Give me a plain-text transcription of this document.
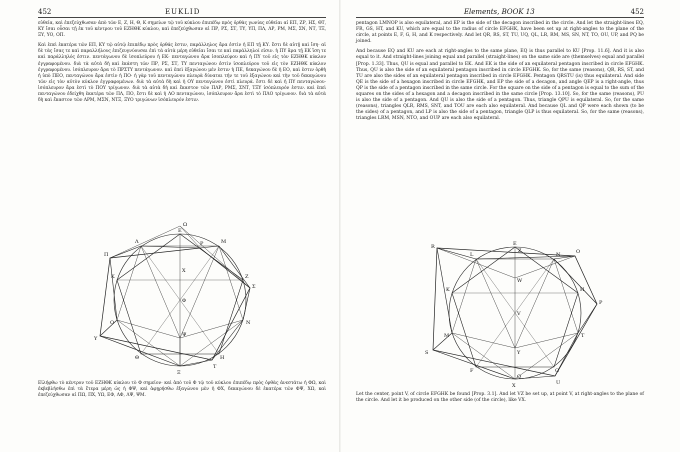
452	EUKLID

εὐθεῖα, καὶ ἐπεζεύχθωσαν ἀπὸ τῶν Ε, Ζ, Η, Θ, Κ σημείων τῷ τοῦ κύκλου ἐπιπέδῳ πρὸς ὀρθὰς γωνίας εὐθεῖαι αἱ ΕΠ, ΖΡ, ΗΣ, ΘΤ, ΚΥ ἴσαι οὖσαι τῇ ἐκ τοῦ κέντρου τοῦ ΕΖΗΘΚ κύκλου, καὶ ἐπεζεύχθωσαν αἱ ΠΡ, ΡΣ, ΣΤ, ΤΥ, ΥΠ, ΠΛ, ΛΡ, ΡΜ, ΜΣ, ΣΝ, ΝΤ, ΤΞ, ΞΥ, ΥΟ, ΟΠ.

Καὶ ἐπεὶ ἑκατέρα τῶν ΕΠ, ΚΥ τῷ αὐτῷ ἐπιπέδῳ πρὸς ὀρθάς ἐστιν, παράλληλος ἄρα ἐστὶν ἡ ΕΠ τῇ ΚΥ. ἔστι δὲ αὐτῇ καὶ ἴση· αἱ δὲ τὰς ἴσας τε καὶ παραλλήλους ἐπιζευγνύουσαι ἐπὶ τὰ αὐτὰ μέρη εὐθεῖαι ἴσαι τε καὶ παράλληλοί εἰσιν. ἡ ΠΥ ἄρα τῇ ΕΚ ἴση τε καὶ παράλληλός ἐστιν. πεντάγωνου δὲ ἰσοπλεύρου ἡ ΕΚ· πενταγώνου ἄρα ἰσοπλεύρου καὶ ἡ ΠΥ τοῦ εἰς τὸν ΕΖΗΘΚ κύκλον ἐγγραφομένου. διὰ τὰ αὐτὰ δὴ καὶ ἑκάστη τῶν ΠΡ, ΡΣ, ΣΤ, ΤΥ πενταγώνου ἐστὶν ἰσοπλεύρου τοῦ εἰς τὸν ΕΖΗΘΚ κύκλον ἐγγραφομένου. ἰσόπλευρον ἄρα τὸ ΠΡΣΤΥ πεντάγωνον. καὶ ἐπεὶ ἑξαγώνου μέν ἐστιν ἡ ΠΕ, δεκαγώνου δὲ ἡ ΕΟ, καὶ ἐστιν ὀρθὴ ἡ ὑπὸ ΠΕΟ, πενταγώνου ἄρα ἐστὶν ἡ ΠΟ· ἡ γὰρ τοῦ πενταγώνου πλευρὰ δύναται τήν τε τοῦ ἑξαγώνου καὶ τὴν τοῦ δεκαγώνου τῶν εἰς τὸν αὐτὸν κύκλον ἐγγραφομένων. διὰ τὰ αὐτὰ δὴ καὶ ἡ ΟΥ πενταγώνου ἐστὶ πλευρά. ἔστι δὲ καὶ ἡ ΠΥ πενταγώνου· ἰσόπλευρον ἄρα ἐστὶ τὸ ΠΟΥ τρίγωνον. διὰ τὰ αὐτὰ δὴ καὶ ἕκαστον τῶν ΠΛΡ, ΡΜΣ, ΣΝΤ, ΤΞΥ ἰσόπλευρόν ἐστιν. καὶ ἐπεὶ πενταγώνου ἐδείχθη ἑκατέρα τῶν ΠΛ, ΠΟ, ἔστι δὲ καὶ ἡ ΛΟ πενταγώνου, ἰσόπλευρον ἄρα ἐστὶ τὸ ΠΛΟ τρίγωνον. διὰ τὰ αὐτὰ δὴ καὶ ἕκαστον τῶν ΛΡΜ, ΜΣΝ, ΝΤΞ, ΞΥΟ τριγώνων ἰσόπλευρόν ἐστιν.

Elements, BOOK 13	452

pentagon LMNOP is also equilateral, and EP is the side of the decagon inscribed in the circle. And let the straight-lines EQ, FR, GS, HT, and KU, which are equal to the radius of circle EFGHK, have been set up at right-angles to the plane of the circle, at points E, F, G, H, and K respectively. And let QR, RS, ST, TU, UQ, QL, LR, RM, MS, SN, NT, TO, OU, UP, and PQ be joined.

And because EQ and KU are each at right-angles to the same plane, EQ is thus parallel to KU [Prop. 11.6]. And it is also equal to it. And straight-lines joining equal and parallel (straight-lines) on the same side are (themselves) equal and parallel [Prop. 1.33]. Thus, QU is equal and parallel to EK. And EK is the side of an equilateral pentagon inscribed in circle EFGHK. Thus, QU is also the side of an equilateral pentagon inscribed in circle EFGHK. So, for the same (reasons), QR, RS, ST, and TU are also the sides of an equilateral pentagon inscribed in circle EFGHK. Pentagon QRSTU (is) thus equilateral. And side QE is the side of a hexagon inscribed in circle EFGHK, and EP the side of a decagon, and angle QEP is a right-angle, thus QP is the side of a pentagon inscribed in the same circle. For the square on the side of a pentagon is equal to the sum of the squares on the sides of a hexagon and a decagon inscribed in the same circle [Prop. 13.10]. So, for the same (reasons), PU is also the side of a pentagon. And QU is also the side of a pentagon. Thus, triangle QPU is equilateral. So, for the same (reasons), triangles QLR, RMS, SNT, and TOU are each also equilateral. And because QL and QP were each shown (to be the sides) of a pentagon, and LP is also the side of a pentagon, triangle QLP is thus equilateral. So, for the same (reasons), triangles LRM, MSN, NTO, and OUP are each also equilateral.

Π
Ρ
Σ
Τ
Υ
Λ	Μ
Ν
Ξ
Ο
Ε
Ζ
Η
Θ
Κ
Φ
Χ
Ψ
Ω
R
O
P
U
S
L	N
T
X
M
E
H
G
F
K
V
W
Y
Z
Q

Εἰλήφθω τὸ κέντρον τοῦ ΕΖΗΘΚ κύκλου τὸ Φ σημεῖον· καὶ ἀπὸ τοῦ Φ τῷ τοῦ κύκλου ἐπιπέδῳ πρὸς ὀρθὰς ἀνεστάτω ἡ ΦΩ, καὶ ἐκβεβλήσθω ἐπὶ τὰ ἕτερα μέρη ὡς ἡ ΦΨ, καὶ ἀφῃρήσθω ἑξαγώνου μὲν ἡ ΦΧ, δεκαγώνου δὲ ἑκατέρα τῶν ΦΨ, ΧΩ, καὶ ἐπεζεύχθωσαν αἱ ΠΩ, ΠΧ, ΥΩ, ΕΦ, ΛΦ, ΛΨ, ΨΜ.	Let the center, point V, of circle EFGHK be found [Prop. 3.1]. And let VZ be set up, at point V, at right-angles to the plane of the circle. And let it be produced on the other side (of the circle), like VX.
